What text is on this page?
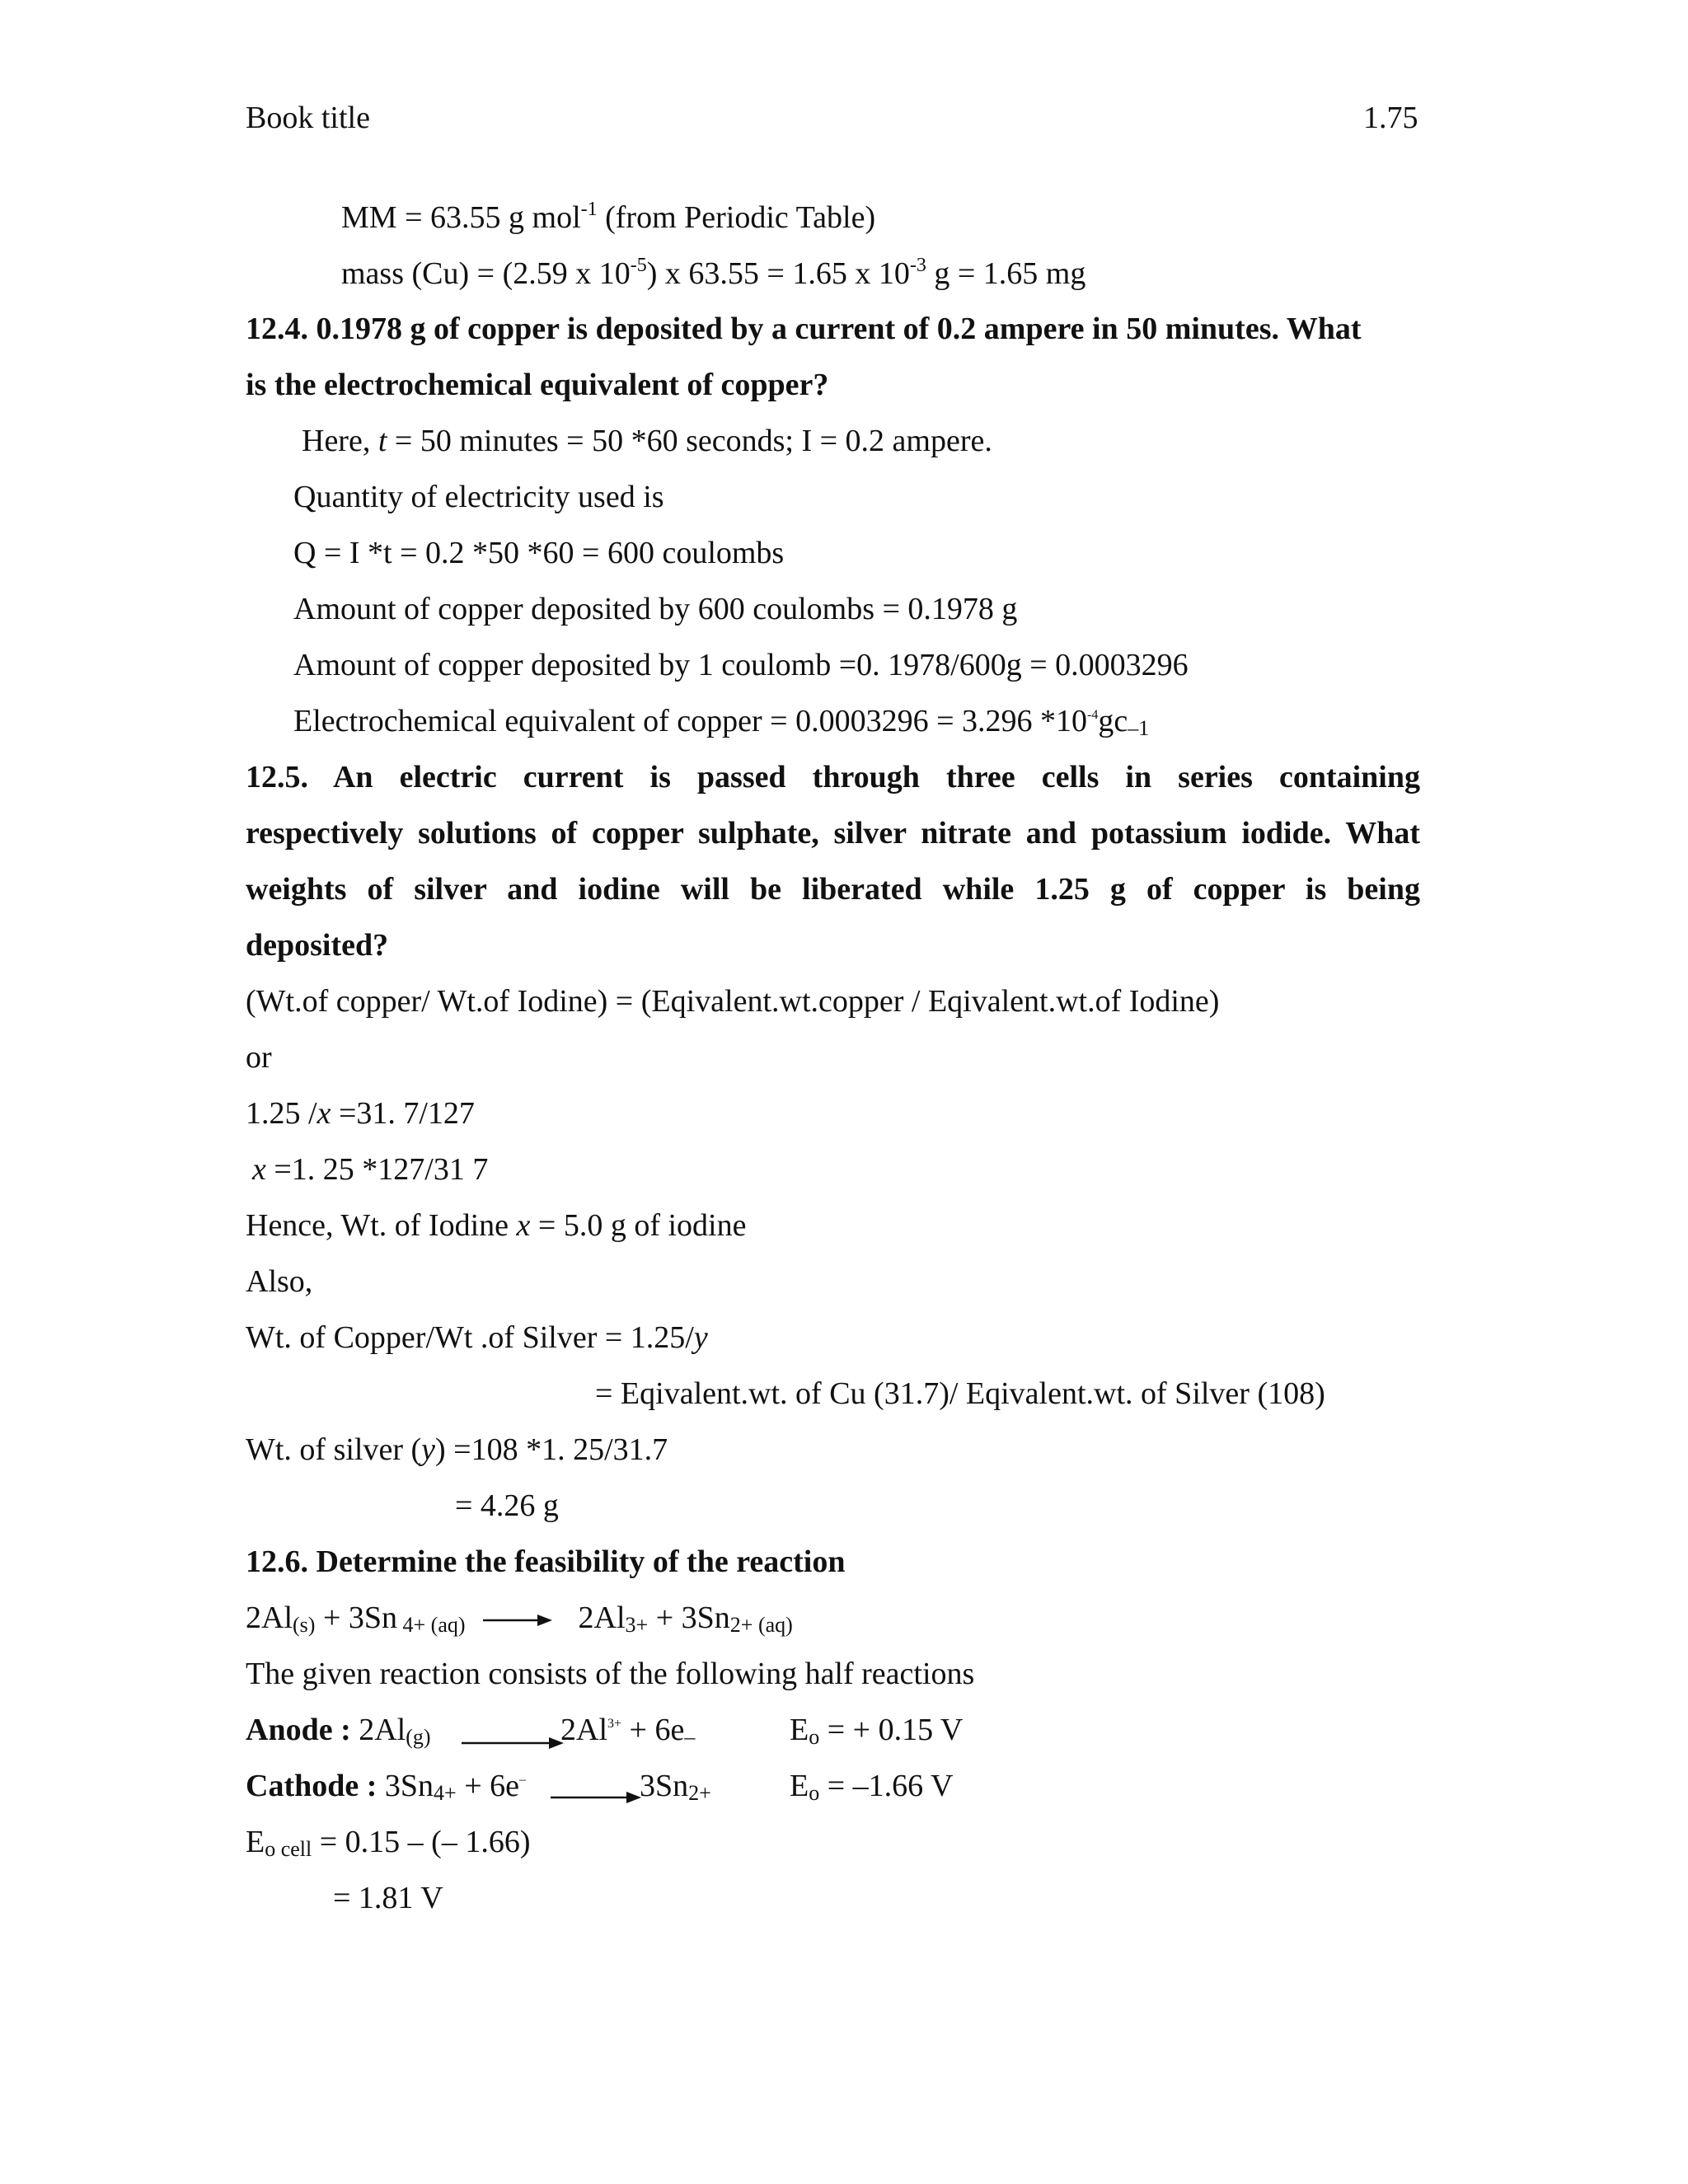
Book title	1.75
MM = 63.55 g mol$^{-1}$ (from Periodic Table)
mass (Cu) = (2.59 x $10^{-5}$) x 63.55 = 1.65 x $10^{-3}$ g = 1.65 mg
12.4. 0.1978 g of copper is deposited by a current of 0.2 ampere in 50 minutes. What
is the electrochemical equivalent of copper?
Here, t = 50 minutes = 50 *60 seconds; I = 0.2 ampere.
Quantity of electricity used is
Q = I *t = 0.2 *50 *60 = 600 coulombs
Amount of copper deposited by 600 coulombs = 0.1978 g
Amount of copper deposited by 1 coulomb =0. 1978/600g = 0.0003296
Electrochemical equivalent of copper = 0.0003296 = 3.296 $*10^{-4}gc-1$
12.5. An electric current is passed through three cells in series containing
respectively solutions of copper sulphate, silver nitrate and potassium iodide. What
weights of silver and iodine will be liberated while 1.25 g of copper is being
deposited?
(Wt.of copper/ Wt.of Iodine) = (Eqivalent.wt.copper / Eqivalent.wt.of Iodine)
or
1.25 /x =31. 7/127
x =1. 25 *127/31 7
Hence, Wt. of Iodine x = 5.0 g of iodine
Also,
Wt. of Copper/Wt .of Silver = 1.25/y
= Eqivalent.wt. of Cu (31.7)/ Eqivalent.wt. of Silver (108)
Wt. of silver (y) =108 *1. 25/31.7
= 4.26 g
12.6. Determine the feasibility of the reaction
2Al(s) + 3Sn 4+ (aq) → 2Al3+ + 3Sn2+ (aq)
The given reaction consists of the following half reactions
Anode : 2Al(g)	$2Al^{3+} + 6e-$	Eo = + 0.15 V
Cathode : 3Sn4+ + 6e–	3Sn2+	Eo = –1.66 V
Eo cell = 0.15 – (– 1.66)
= 1.81 V
